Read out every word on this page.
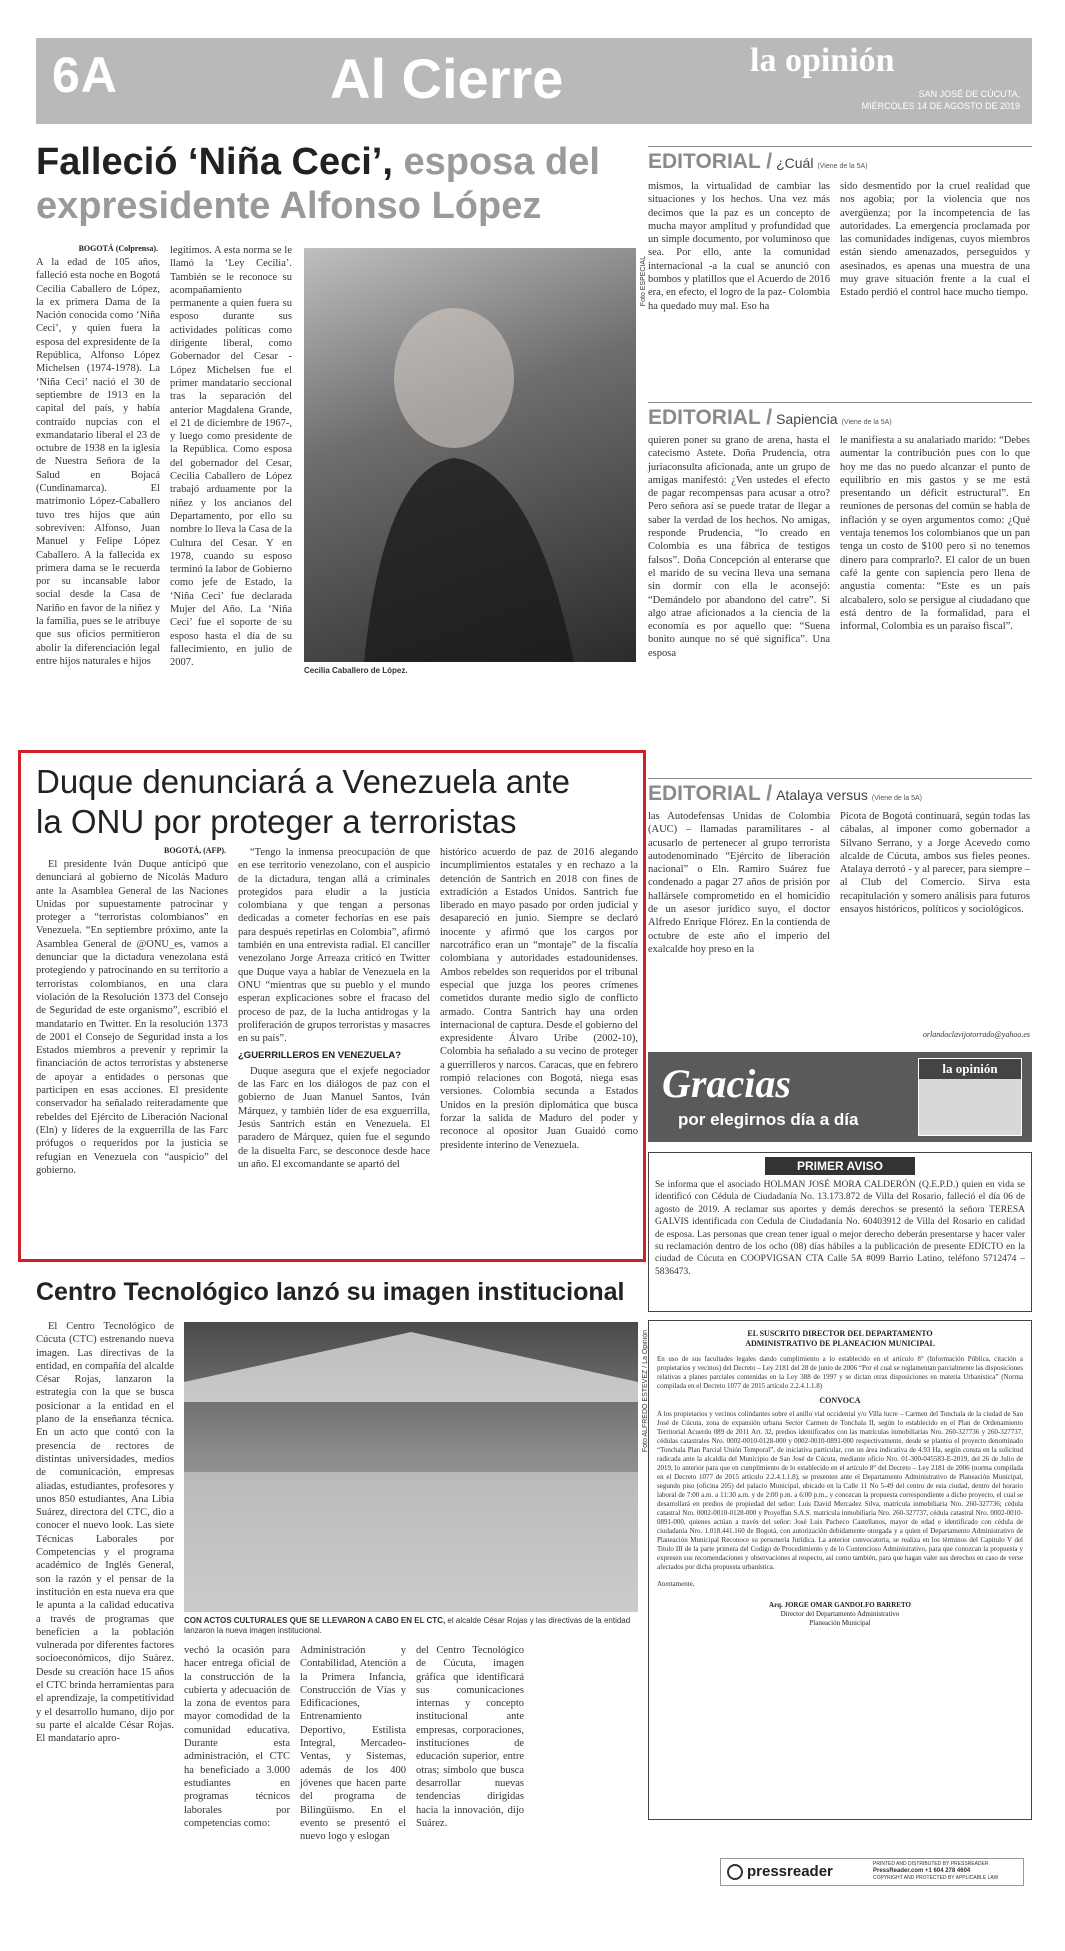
6A	Al Cierre	la opinión
SAN JOSÉ DE CÚCUTA,
MIÉRCOLES 14 DE AGOSTO DE 2019
Falleció ‘Niña Ceci’, esposa del
expresidente Alfonso López
BOGOTÁ (Colprensa).

A la edad de 105 años, falleció esta noche en Bogotá Cecilia Caballero de López, la ex primera Dama de la Nación conocida como ‘Niña Ceci’, y quien fuera la esposa del expresidente de la República, Alfonso López Michelsen (1974-1978). La ‘Niña Ceci’ nació el 30 de septiembre de 1913 en la capital del país, y había contraído nupcias con el exmandatario liberal el 23 de octubre de 1938 en la iglesia de Nuestra Señora de la Salud en Bojacá (Cundinamarca). El matrimonio López-Caballero tuvo tres hijos que aún sobreviven: Alfonso, Juan Manuel y Felipe López Caballero. A la fallecida ex primera dama se le recuerda por su incansable labor social desde la Casa de Nariño en favor de la niñez y la familia, pues se le atribuye que sus oficios permitieron abolir la diferenciación legal entre hijos naturales e hijos

legítimos. A esta norma se le llamó la ‘Ley Cecilia’. También se le reconoce su acompañamiento permanente a quien fuera su esposo durante sus actividades políticas como dirigente liberal, como Gobernador del Cesar -López Michelsen fue el primer mandatario seccional tras la separación del anterior Magdalena Grande, el 21 de diciembre de 1967-, y luego como presidente de la República. Como esposa del gobernador del Cesar, Cecilia Caballero de López trabajó arduamente por la niñez y los ancianos del Departamento, por ello su nombre lo lleva la Casa de la Cultura del Cesar. Y en 1978, cuando su esposo terminó la labor de Gobierno como jefe de Estado, la ‘Niña Ceci’ fue declarada Mujer del Año. La ‘Niña Ceci’ fue el soporte de su esposo hasta el día de su fallecimiento, en julio de 2007.

Foto ESPECIAL
Cecilia Caballero de López.
EDITORIAL / ¿Cuál (Viene de la 5A)

mismos, la virtualidad de cambiar las situaciones y los hechos. Una vez más decimos que la paz es un concepto de mucha mayor amplitud y profundidad que un simple documento, por voluminoso que sea. Por ello, ante la comunidad internacional -a la cual se anunció con bombos y platillos que el Acuerdo de 2016 era, en efecto, el logro de la paz- Colombia ha quedado muy mal. Eso ha

sido desmentido por la cruel realidad que nos agobia; por la violencia que nos avergüenza; por la incompetencia de las autoridades. La emergencia proclamada por las comunidades indígenas, cuyos miembros están siendo amenazados, perseguidos y asesinados, es apenas una muestra de una muy grave situación frente a la cual el Estado perdió el control hace mucho tiempo.

EDITORIAL / Sapiencia (Viene de la 5A)

quieren poner su grano de arena, hasta el catecismo Astete. Doña Prudencia, otra juriaconsulta aficionada, ante un grupo de amigas manifestó: ¿Ven ustedes el efecto de pagar recompensas para acusar a otro? Pero señora así se puede tratar de llegar a saber la verdad de los hechos. No amigas, responde Prudencia, “lo creado en Colombia es una fábrica de testigos falsos”. Doña Concepción al enterarse que el marido de su vecina lleva una semana sin dormir con ella le aconsejó: “Demándelo por abandono del catre”. Si algo atrae aficionados a la ciencia de la economía es por aquello que: “Suena bonito aunque no sé qué significa”. Una esposa

le manifiesta a su analariado marido: “Debes aumentar la contribución pues con lo que hoy me das no puedo alcanzar el punto de equilibrio en mis gastos y se me está presentando un déficit estructural”. En reuniones de personas del común se habla de inflación y se oyen argumentos como: ¿Qué ventaja tenemos los colombianos que un pan tenga un costo de $100 pero si no tenemos dinero para comprarlo?. El calor de un buen café la gente con sapiencia pero llena de angustia comenta: “Este es un país alcabalero, solo se persigue al ciudadano que está dentro de la formalidad, para el informal, Colombia es un paraíso fiscal”.

EDITORIAL / Atalaya versus (Viene de la 5A)

las Autodefensas Unidas de Colombia (AUC) – llamadas paramilitares - al acusarlo de pertenecer al grupo terrorista autodenominado “Ejército de liberación nacional” o Eln. Ramiro Suárez fue condenado a pagar 27 años de prisión por hallársele comprometido en el homicidio de un asesor jurídico suyo, el doctor Alfredo Enrique Flórez. En la contienda de octubre de este año el imperio del exalcalde hoy preso en la

Picota de Bogotá continuará, según todas las cábalas, al imponer como gobernador a Silvano Serrano, y a Jorge Acevedo como alcalde de Cúcuta, ambos sus fieles peones. Atalaya derrotó - y al parecer, para siempre – al Club del Comercio. Sirva esta recapitulación y somero análisis para futuros ensayos históricos, políticos y sociológicos.

orlandoclavijotorrado@yahoo.es
Duque denunciará a Venezuela ante
la ONU por proteger a terroristas
BOGOTÁ, (AFP).

El presidente Iván Duque anticipó que denunciará al gobierno de Nicolás Maduro ante la Asamblea General de las Naciones Unidas por supuestamente patrocinar y proteger a “terroristas colombianos” en Venezuela. “En septiembre próximo, ante la Asamblea General de @ONU_es, vamos a denunciar que la dictadura venezolana está protegiendo y patrocinando en su territorio a terroristas colombianos, en una clara violación de la Resolución 1373 del Consejo de Seguridad de este organismo”, escribió el mandatario en Twitter. En la resolución 1373 de 2001 el Consejo de Seguridad insta a los Estados miembros a prevenir y reprimir la financiación de actos terroristas y abstenerse de apoyar a entidades o personas que participen en esas acciones. El presidente conservador ha señalado reiteradamente que rebeldes del Ejército de Liberación Nacional (Eln) y líderes de la exguerrilla de las Farc prófugos o requeridos por la justicia se refugian en Venezuela con “auspicio” del gobierno.

“Tengo la inmensa preocupación de que en ese territorio venezolano, con el auspicio de la dictadura, tengan allá a criminales protegidos para eludir a la justicia colombiana y que tengan a personas dedicadas a cometer fechorías en ese país para después repetirlas en Colombia”, afirmó también en una entrevista radial. El canciller venezolano Jorge Arreaza criticó en Twitter que Duque vaya a hablar de Venezuela en la ONU “mientras que su pueblo y el mundo esperan explicaciones sobre el fracaso del proceso de paz, de la lucha antidrogas y la proliferación de grupos terroristas y masacres en su país”.

¿GUERRILLEROS EN VENEZUELA?

Duque asegura que el exjefe negociador de las Farc en los diálogos de paz con el gobierno de Juan Manuel Santos, Iván Márquez, y también líder de esa exguerrilla, Jesús Santrich están en Venezuela. El paradero de Márquez, quien fue el segundo de la disuelta Farc, se desconoce desde hace un año. El excomandante se apartó del

histórico acuerdo de paz de 2016 alegando incumplimientos estatales y en rechazo a la detención de Santrich en 2018 con fines de extradición a Estados Unidos. Santrich fue liberado en mayo pasado por orden judicial y desapareció en junio. Siempre se declaró inocente y afirmó que los cargos por narcotráfico eran un “montaje” de la fiscalía colombiana y autoridades estadounidenses. Ambos rebeldes son requeridos por el tribunal especial que juzga los peores crímenes cometidos durante medio siglo de conflicto armado. Contra Santrich hay una orden internacional de captura. Desde el gobierno del expresidente Álvaro Uribe (2002-10), Colombia ha señalado a su vecino de proteger a guerrilleros y narcos. Caracas, que en febrero rompió relaciones con Bogotá, niega esas versiones. Colombia secunda a Estados Unidos en la presión diplomática que busca forzar la salida de Maduro del poder y reconoce al opositor Juan Guaidó como presidente interino de Venezuela.

Gracias
por elegirnos día a día
la opinión
PRIMER AVISO
Se informa que el asociado HOLMAN JOSÉ MORA CALDERÓN (Q.E.P.D.) quien en vida se identificó con Cédula de Ciudadanía No. 13.173.872 de Villa del Rosario, falleció el día 06 de agosto de 2019. A reclamar sus aportes y demás derechos se presentó la señora TERESA GALVIS identificada con Cedula de Ciudadanía No. 60403912 de Villa del Rosario en calidad de esposa. Las personas que crean tener igual o mejor derecho deberán presentarse y hacer valer su reclamación dentro de los ocho (08) días hábiles a la publicación de presente EDICTO en la ciudad de Cúcuta en COOPVIGSAN CTA Calle 5A #099 Barrio Latino, teléfono 5712474 –5836473.
Centro Tecnológico lanzó su imagen institucional

El Centro Tecnológico de Cúcuta (CTC) estrenando nueva imagen. Las directivas de la entidad, en compañía del alcalde César Rojas, lanzaron la estrategia con la que se busca posicionar a la entidad en el plano de la enseñanza técnica. En un acto que contó con la presencia de rectores de distintas universidades, medios de comunicación, empresas aliadas, estudiantes, profesores y unos 850 estudiantes, Ana Libia Suárez, directora del CTC, dio a conocer el nuevo look. Las siete Técnicas Laborales por Competencias y el programa académico de Inglés General, son la razón y el pensar de la institución en esta nueva era que le apunta a la calidad educativa a través de programas que beneficien a la población vulnerada por diferentes factores socioeconómicos, dijo Suárez. Desde su creación hace 15 años el CTC brinda herramientas para el aprendizaje, la competitividad y el desarrollo humano, dijo por su parte el alcalde César Rojas. El mandatario apro-

Foto ALFREDO ESTEVEZ / La Opinión
CON ACTOS CULTURALES QUE SE LLEVARON A CABO EN EL CTC, el alcalde César Rojas y las directivas de la entidad lanzaron la nueva imagen institucional.

vechó la ocasión para hacer entrega oficial de la construcción de la cubierta y adecuación de la zona de eventos para mayor comodidad de la comunidad educativa. Durante esta administración, el CTC ha beneficiado a 3.000 estudiantes en programas técnicos laborales por competencias como:

Administración y Contabilidad, Atención a la Primera Infancia, Construcción de Vías y Edificaciones, Entrenamiento Deportivo, Estilista Integral, Mercadeo-Ventas, y Sistemas, además de los 400 jóvenes que hacen parte del programa de Bilingüismo. En el evento se presentó el nuevo logo y eslogan

del Centro Tecnológico de Cúcuta, imagen gráfica que identificará sus comunicaciones internas y concepto institucional ante empresas, corporaciones, instituciones de educación superior, entre otras; símbolo que busca desarrollar nuevas tendencias dirigidas hacia la innovación, dijo Suárez.

EL SUSCRITO DIRECTOR DEL DEPARTAMENTO
ADMINISTRATIVO DE PLANEACION MUNICIPAL
En uso de sus facultades legales dando cumplimiento a lo establecido en el artículo 8° (Información Pública, citación a propietarios y vecinos) del Decreto – Ley 2181 del 28 de junio de 2006 “Por el cual se reglamentan parcialmente las disposiciones relativas a planes parciales contenidas en la Ley 388 de 1997 y se dictan otras disposiciones en materia Urbanística” (Norma compilada en el Decreto 1077 de 2015 artículo 2.2.4.1.1.8)
CONVOCA
A los propietarios y vecinos colindantes sobre el anillo vial occidental y/o Villa lucre – Carmen del Tonchala de la ciudad de San José de Cúcuta, zona de expansión urbana Sector Carmen de Tonchala II, según lo establecido en el Plan de Ordenamiento Territorial Acuerdo 089 de 2011 Art. 32, predios identificados con las matrículas inmobiliarias Nro. 260-327736 y 260-327737, cédulas catastrales Nro. 0002-0010-0128-000 y 0002-0010-0891-000 respectivamente, desde se plantea el proyecto denominado “Tonchala Plan Parcial Unión Temporal”, de iniciativa particular, con un área indicativa de 4.93 Ha, según consta en la solicitud radicada ante la alcaldía del Municipio de San José de Cúcuta, mediante oficio Nro. 01-300-045583-E-2019, del 26 de Julio de 2019, lo anterior para que en cumplimiento de lo establecido en el artículo 8° del Decreto – Ley 2181 de 2006 (norma compilada en el Decreto 1077 de 2015 artículo 2.2.4.1.1.8), se presenten ante el Departamento Administrativo de Planeación Municipal, segundo piso (oficina 205) del palacio Municipal, ubicado en la Calle 11 No 5-49 del centro de esta ciudad, dentro del horario laboral de 7:00 a.m. a 11:30 a.m. y de 2:00 p.m. a 6:00 p.m., y conozcan la propuesta correspondiente a dicho proyecto, el cual se desarrollará en predios de propiedad del señor: Luis David Mercadez Silva, matrícula inmobiliaria Nro. 260-327736; cédula catastral Nro. 0002-0010-0128-000 y Proyeffan S.A.S. matrícula inmobiliaria Nro. 260-327737, cédula catastral Nro. 0002-0010-0891-000, quienes actúan a través del señor: José Luis Pacheco Castellanos, mayor de edad e identificado con cédula de ciudadanía Nro. 1.018.441.160 de Bogotá, con autorización debidamente otorgada y a quien el Departamento Administrativo de Planeación Municipal Reconoce su personería Jurídica. La anterior convocatoria, se realiza en los términos del Capitulo V del Titulo III de la parte primera del Codigo de Procedimiento y de lo Contencioso Administrativo, para que conozcan la propuesta y expresen sus recomendaciones y observaciones al respecto, así como también, para que hagan valer sus derechos en caso de verse afectados por dicha propuesta urbanística.
Atentamente,
Arq. JORGE OMAR GANDOLFO BARRETO
Director del Departamento Administrativo
Planeación Municipal
pressreader	PRINTED AND DISTRIBUTED BY PRESSREADER
PressReader.com +1 604 278 4604
COPYRIGHT AND PROTECTED BY APPLICABLE LAW
